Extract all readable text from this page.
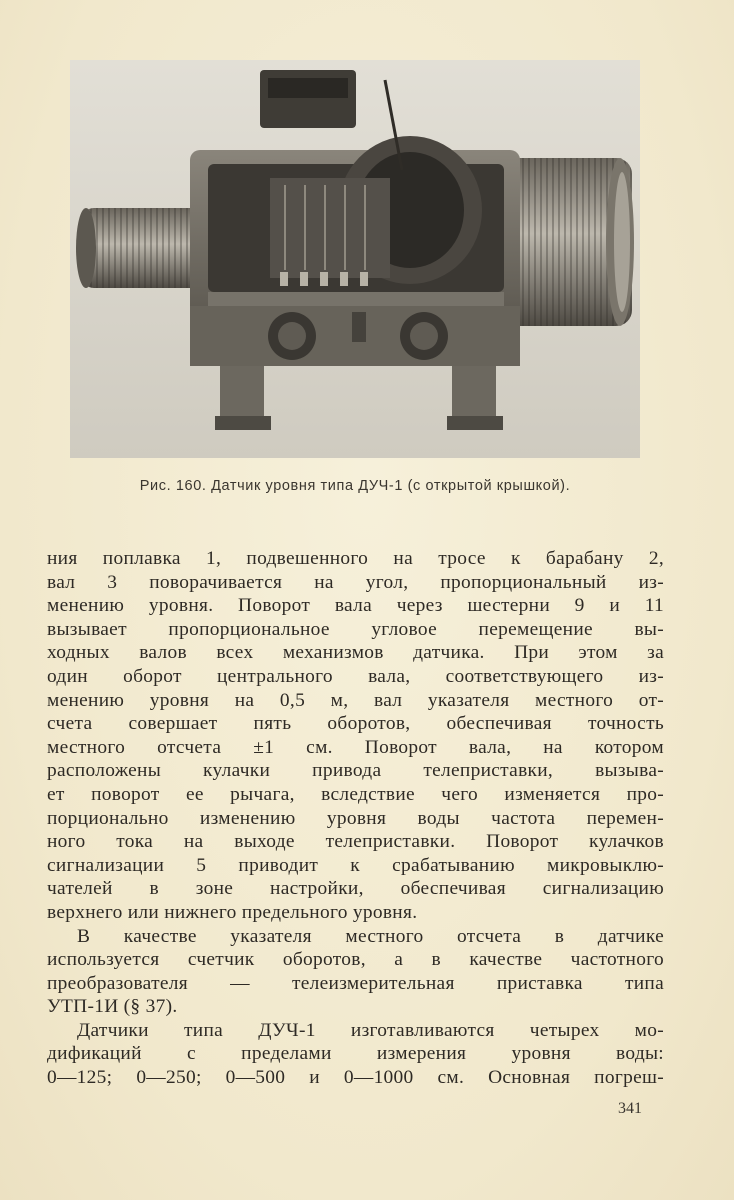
Рис. 160. Датчик уровня типа ДУЧ-1 (с открытой крышкой).
ния поплавка 1, подвешенного на тросе к барабану 2,
вал 3 поворачивается на угол, пропорциональный из-
менению уровня. Поворот вала через шестерни 9 и 11
вызывает пропорциональное угловое перемещение вы-
ходных валов всех механизмов датчика. При этом за
один оборот центрального вала, соответствующего из-
менению уровня на 0,5 м, вал указателя местного от-
счета совершает пять оборотов, обеспечивая точность
местного отсчета ±1 см. Поворот вала, на котором
расположены кулачки привода телеприставки, вызыва-
ет поворот ее рычага, вследствие чего изменяется про-
порционально изменению уровня воды частота перемен-
ного тока на выходе телеприставки. Поворот кулачков
сигнализации 5 приводит к срабатыванию микровыклю-
чателей в зоне настройки, обеспечивая сигнализацию
верхнего или нижнего предельного уровня.
В качестве указателя местного отсчета в датчике
используется счетчик оборотов, а в качестве частотного
преобразователя — телеизмерительная приставка типа
УТП-1И (§ 37).
Датчики типа ДУЧ-1 изготавливаются четырех мо-
дификаций с пределами измерения уровня воды:
0—125; 0—250; 0—500 и 0—1000 см. Основная погреш-
341
